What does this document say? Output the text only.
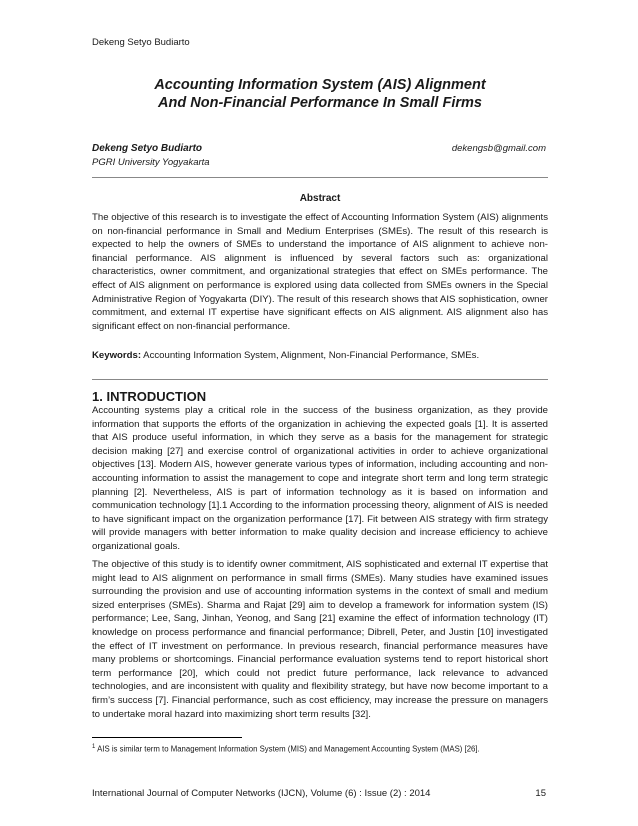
Dekeng Setyo Budiarto
Accounting Information System (AIS) Alignment
And Non-Financial Performance In Small Firms
Dekeng Setyo Budiarto	dekengsb@gmail.com
PGRI University Yogyakarta
Abstract

The objective of this research is to investigate the effect of Accounting Information System (AIS) alignments on non-financial performance in Small and Medium Enterprises (SMEs). The result of this research is expected to help the owners of SMEs to understand the importance of AIS alignment to achieve non-financial performance. AIS alignment is influenced by several factors such as: organizational characteristics, owner commitment, and organizational strategies that effect on SMEs performance. The effect of AIS alignment on performance is explored using data collected from SMEs owners in the Special Administrative Region of Yogyakarta (DIY). The result of this research shows that AIS sophistication, owner commitment, and external IT expertise have significant effects on AIS alignment. AIS alignment also has significant effect on non-financial performance.

Keywords: Accounting Information System, Alignment, Non-Financial Performance, SMEs.

1. INTRODUCTION

Accounting systems play a critical role in the success of the business organization, as they provide information that supports the efforts of the organization in achieving the expected goals [1]. It is asserted that AIS produce useful information, in which they serve as a basis for the management for strategic decision making [27] and exercise control of organizational activities in order to achieve organizational objectives [13]. Modern AIS, however generate various types of information, including accounting and non-accounting information to assist the management to cope and integrate short term and long term strategic planning [2]. Nevertheless, AIS is part of information technology as it is based on information and communication technology [1].1 According to the information processing theory, alignment of AIS is needed to have significant impact on the organization performance [17]. Fit between AIS strategy with firm strategy will provide managers with better information to make quality decision and increase efficiency to achieve organizational goals.

The objective of this study is to identify owner commitment, AIS sophisticated and external IT expertise that might lead to AIS alignment on performance in small firms (SMEs). Many studies have examined issues surrounding the provision and use of accounting information systems in the context of small and medium sized enterprises (SMEs). Sharma and Rajat [29] aim to develop a framework for information system (IS) performance; Lee, Sang, Jinhan, Yeonog, and Sang [21] examine the effect of information technology (IT) knowledge on process performance and financial performance; Dibrell, Peter, and Justin [10] investigated the effect of IT investment on performance. In previous research, financial performance measures have many problems or shortcomings. Financial performance evaluation systems tend to report historical short term performance [20], which could not predict future performance, lack relevance to advanced technologies, and are inconsistent with quality and flexibility strategy, but have now become important to a firm’s success [7]. Financial performance, such as cost efficiency, may increase the pressure on managers to undertake moral hazard into maximizing short term results [32].

$^1$ AIS is similar term to Management Information System (MIS) and Management Accounting System (MAS) [26].
International Journal of Computer Networks (IJCN), Volume (6) : Issue (2) : 2014	15
